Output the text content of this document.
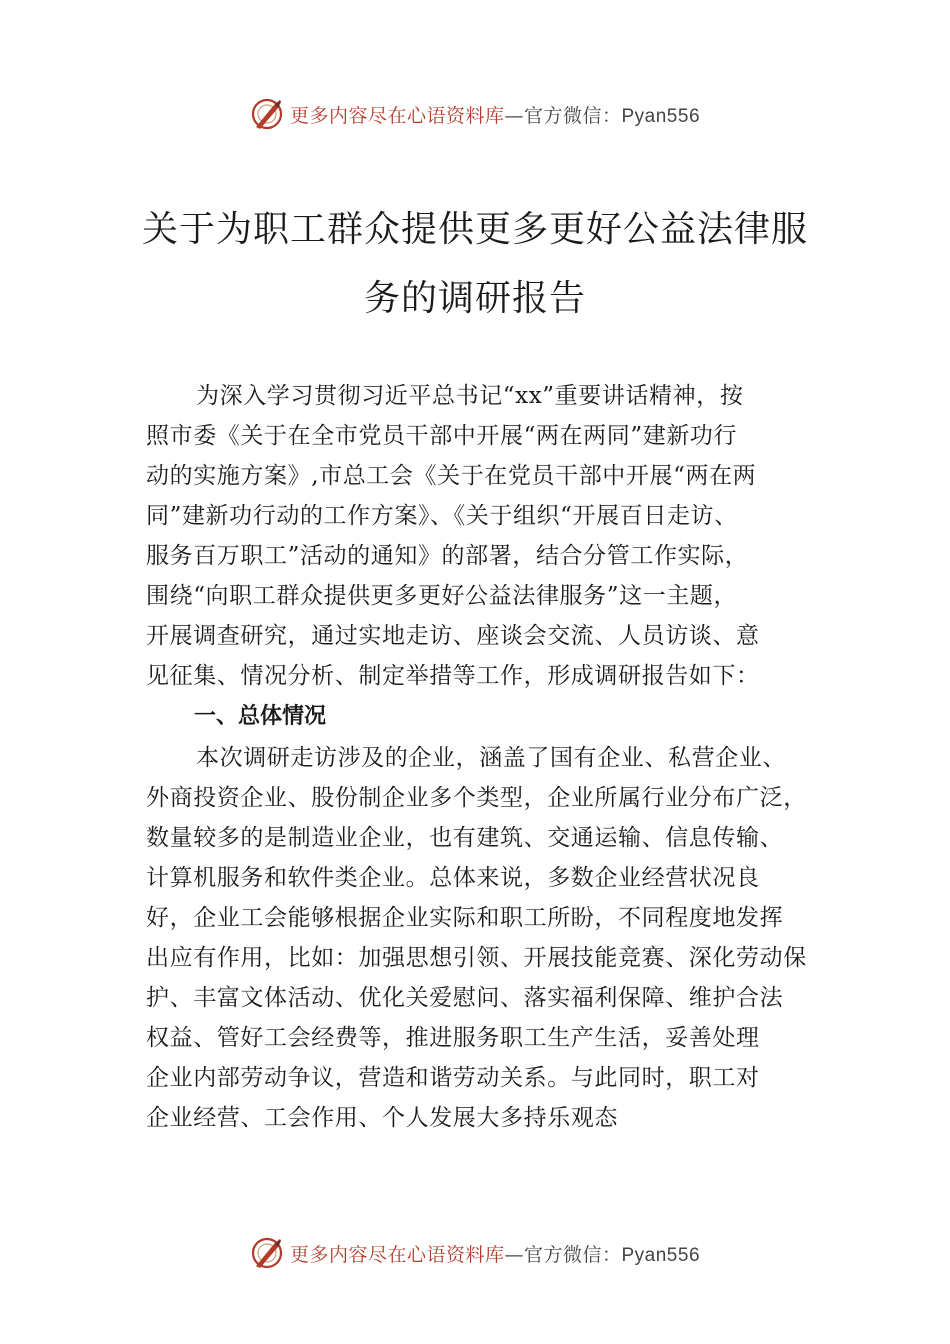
更多内容尽在心语资料库—官方微信：Pyan556
关于为职工群众提供更多更好公益法律服
务的调研报告
为深入学习贯彻习近平总书记“xx”重要讲话精神，按
照市委《关于在全市党员干部中开展“两在两同”建新功行
动的实施方案》,市总工会《关于在党员干部中开展“两在两
同”建新功行动的工作方案》、《关于组织“开展百日走访、
服务百万职工”活动的通知》的部署，结合分管工作实际，
围绕“向职工群众提供更多更好公益法律服务”这一主题，
开展调查研究，通过实地走访、座谈会交流、人员访谈、意
见征集、情况分析、制定举措等工作，形成调研报告如下：
一、总体情况
本次调研走访涉及的企业，涵盖了国有企业、私营企业、
外商投资企业、股份制企业多个类型，企业所属行业分布广泛，
数量较多的是制造业企业，也有建筑、交通运输、信息传输、
计算机服务和软件类企业。总体来说，多数企业经营状况良
好，企业工会能够根据企业实际和职工所盼，不同程度地发挥
出应有作用，比如：加强思想引领、开展技能竞赛、深化劳动保
护、丰富文体活动、优化关爱慰问、落实福利保障、维护合法
权益、管好工会经费等，推进服务职工生产生活，妥善处理
企业内部劳动争议，营造和谐劳动关系。与此同时，职工对
企业经营、工会作用、个人发展大多持乐观态
更多内容尽在心语资料库—官方微信：Pyan556
